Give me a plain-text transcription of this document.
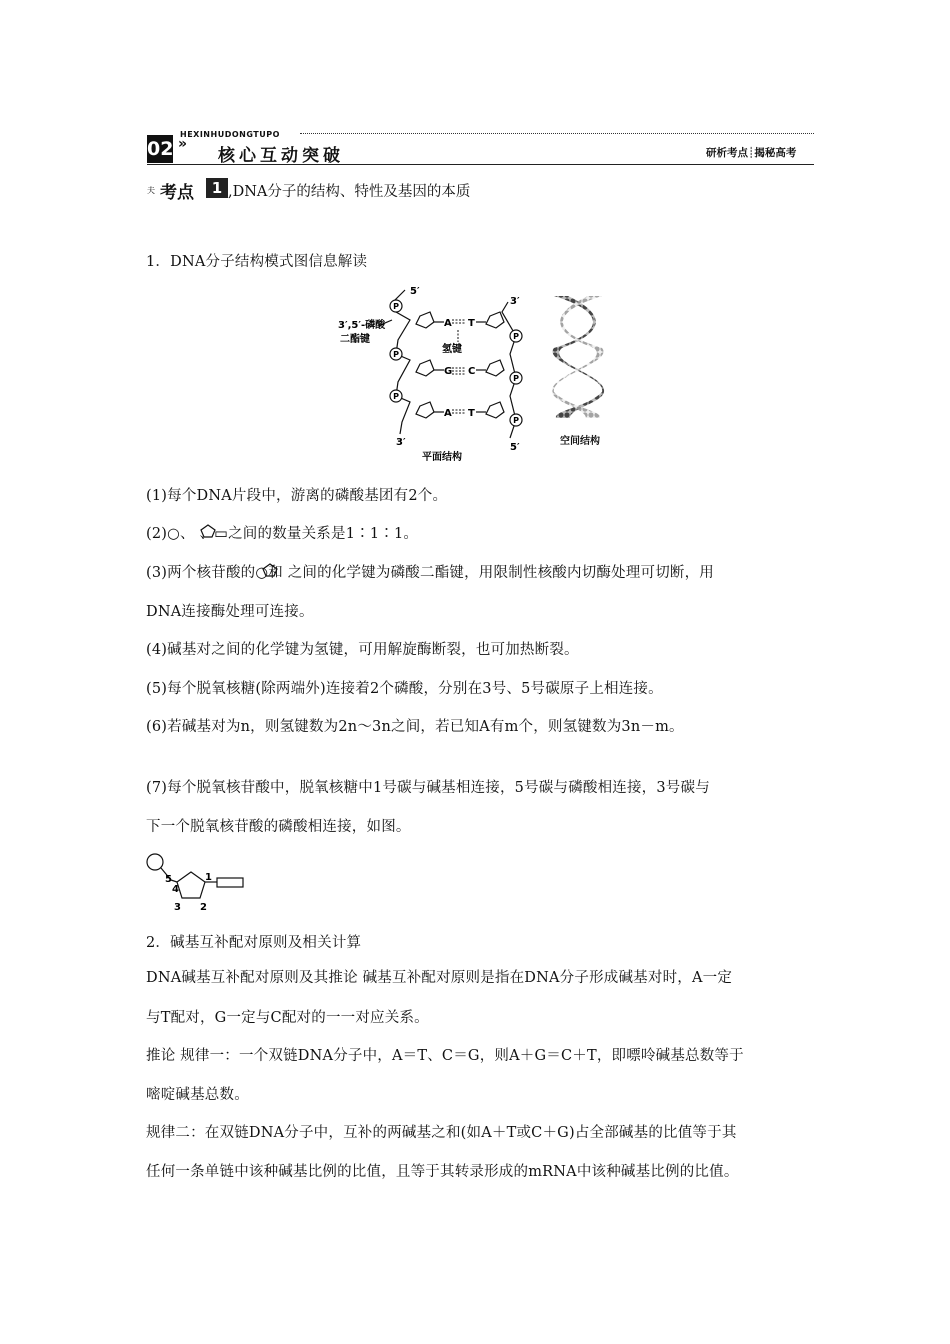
HEXINHUDONGTUPO
02 »
核心互动突破	研析考点┊揭秘高考
夫 考点	1 ,DNA分子的结构、特性及基因的本质
1．DNA分子结构模式图信息解读
P
P
P
P
P
P
5′
3′
3′,5′-磷酸
二酯键
氢键
3′	5′
A T
G C
A T
平面结构
空间结构
(1)每个DNA片段中，游离的磷酸基团有2个。
(2)○、 、▭之间的数量关系是1∶1∶1。
(3)两个核苷酸的○和 之间的化学键为磷酸二酯键，用限制性核酸内切酶处理可切断，用
DNA连接酶处理可连接。
(4)碱基对之间的化学键为氢键，可用解旋酶断裂，也可加热断裂。
(5)每个脱氧核糖(除两端外)连接着2个磷酸，分别在3号、5号碳原子上相连接。
(6)若碱基对为n，则氢键数为2n～3n之间，若已知A有m个，则氢键数为3n－m。
(7)每个脱氧核苷酸中，脱氧核糖中1号碳与碱基相连接，5号碳与磷酸相连接，3号碳与
下一个脱氧核苷酸的磷酸相连接，如图。
5
4
1
3 2
2．碱基互补配对原则及相关计算
DNA碱基互补配对原则及其推论 碱基互补配对原则是指在DNA分子形成碱基对时，A一定
与T配对，G一定与C配对的一一对应关系。
推论 规律一：一个双链DNA分子中，A＝T、C＝G，则A＋G＝C＋T，即嘌呤碱基总数等于
嘧啶碱基总数。
规律二：在双链DNA分子中，互补的两碱基之和(如A＋T或C＋G)占全部碱基的比值等于其
任何一条单链中该种碱基比例的比值，且等于其转录形成的mRNA中该种碱基比例的比值。
